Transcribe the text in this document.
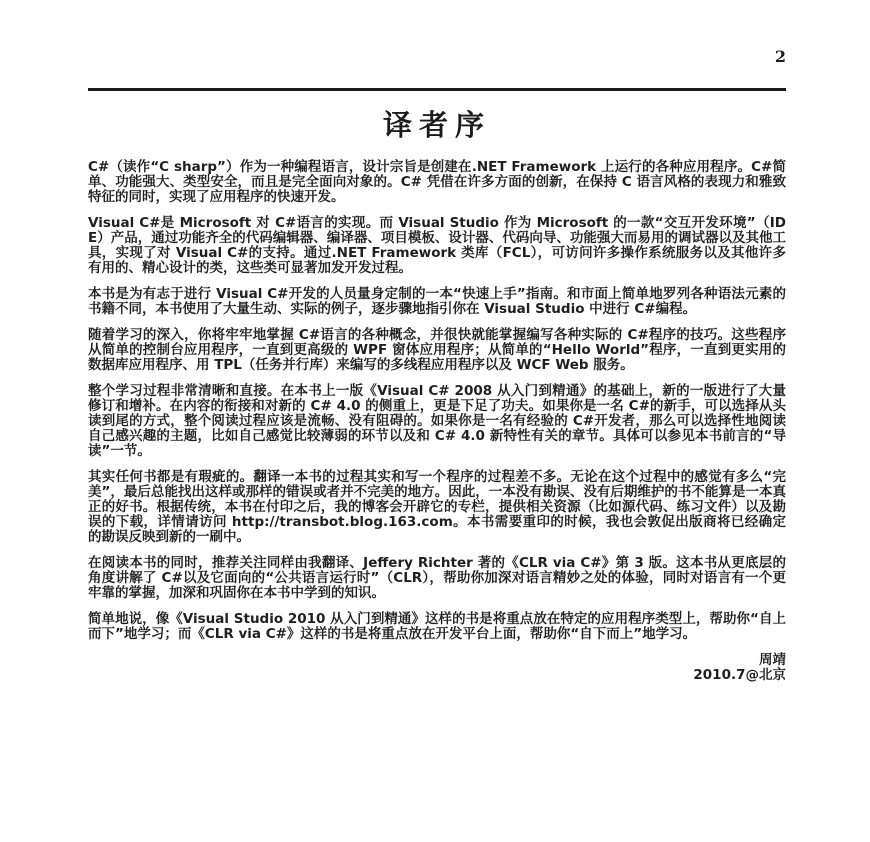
2
译者序

C#（读作“C sharp”）作为一种编程语言，设计宗旨是创建在.NET Framework 上运行的各种应用程序。C#简单、功能强大、类型安全，而且是完全面向对象的。C# 凭借在许多方面的创新，在保持 C 语言风格的表现力和雅致特征的同时，实现了应用程序的快速开发。

Visual C#是 Microsoft 对 C#语言的实现。而 Visual Studio 作为 Microsoft 的一款“交互开发环境”（IDE）产品，通过功能齐全的代码编辑器、编译器、项目模板、设计器、代码向导、功能强大而易用的调试器以及其他工具，实现了对 Visual C#的支持。通过.NET Framework 类库（FCL），可访问许多操作系统服务以及其他许多有用的、精心设计的类，这些类可显著加发开发过程。

本书是为有志于进行 Visual C#开发的人员量身定制的一本“快速上手”指南。和市面上简单地罗列各种语法元素的书籍不同，本书使用了大量生动、实际的例子，逐步骤地指引你在 Visual Studio 中进行 C#编程。

随着学习的深入，你将牢牢地掌握 C#语言的各种概念，并很快就能掌握编写各种实际的 C#程序的技巧。这些程序从简单的控制台应用程序，一直到更高级的 WPF 窗体应用程序；从简单的“Hello World”程序，一直到更实用的数据库应用程序、用 TPL（任务并行库）来编写的多线程应用程序以及 WCF Web 服务。

整个学习过程非常清晰和直接。在本书上一版《Visual C# 2008 从入门到精通》的基础上，新的一版进行了大量修订和增补。在内容的衔接和对新的 C# 4.0 的侧重上，更是下足了功夫。如果你是一名 C#的新手，可以选择从头读到尾的方式，整个阅读过程应该是流畅、没有阻碍的。如果你是一名有经验的 C#开发者，那么可以选择性地阅读自己感兴趣的主题，比如自己感觉比较薄弱的环节以及和 C# 4.0 新特性有关的章节。具体可以参见本书前言的“导读”一节。

其实任何书都是有瑕疵的。翻译一本书的过程其实和写一个程序的过程差不多。无论在这个过程中的感觉有多么“完美”，最后总能找出这样或那样的错误或者并不完美的地方。因此，一本没有勘误、没有后期维护的书不能算是一本真正的好书。根据传统，本书在付印之后，我的博客会开辟它的专栏，提供相关资源（比如源代码、练习文件）以及勘误的下载，详情请访问 http://transbot.blog.163.com。本书需要重印的时候，我也会敦促出版商将已经确定的勘误反映到新的一刷中。

在阅读本书的同时，推荐关注同样由我翻译、Jeffery Richter 著的《CLR via C#》第 3 版。这本书从更底层的角度讲解了 C#以及它面向的“公共语言运行时”（CLR），帮助你加深对语言精妙之处的体验，同时对语言有一个更牢靠的掌握，加深和巩固你在本书中学到的知识。

简单地说，像《Visual Studio 2010 从入门到精通》这样的书是将重点放在特定的应用程序类型上，帮助你“自上而下”地学习；而《CLR via C#》这样的书是将重点放在开发平台上面，帮助你“自下而上”地学习。

周靖
2010.7@北京
